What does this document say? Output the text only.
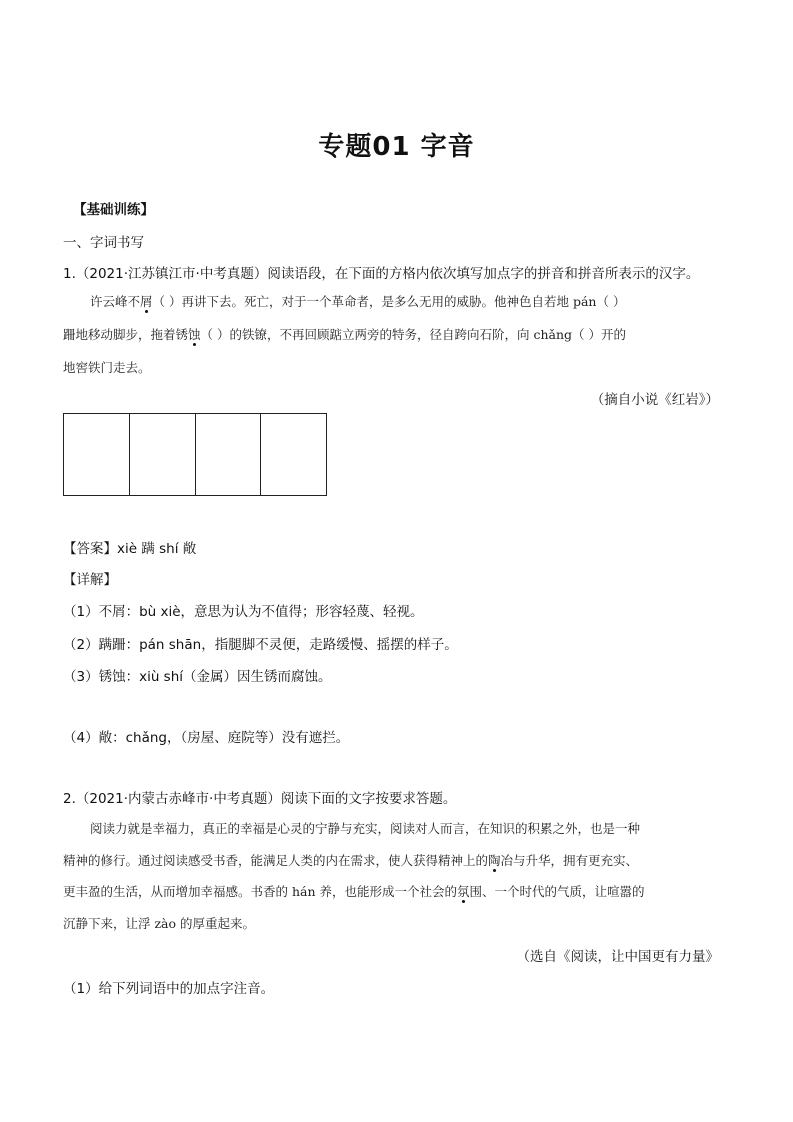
专题01 字音
【基础训练】
一、字词书写
1.（2021·江苏镇江市·中考真题）阅读语段，在下面的方格内依次填写加点字的拼音和拼音所表示的汉字。
许云峰不屑（ ）再讲下去。死亡，对于一个革命者，是多么无用的威胁。他神色自若地 pán（ ）
跚地移动脚步，拖着锈蚀（ ）的铁镣，不再回顾踮立两旁的特务，径自跨向石阶，向 chǎng（ ）开的
地窖铁门走去。
（摘自小说《红岩》）
【答案】xiè 蹒 shí 敞
【详解】
（1）不屑：bù xiè，意思为认为不值得；形容轻蔑、轻视。
（2）蹒跚：pán shān，指腿脚不灵便，走路缓慢、摇摆的样子。
（3）锈蚀：xiù shí（金属）因生锈而腐蚀。
（4）敞：chǎng，（房屋、庭院等）没有遮拦。
2.（2021·内蒙古赤峰市·中考真题）阅读下面的文字按要求答题。
阅读力就是幸福力，真正的幸福是心灵的宁静与充实，阅读对人而言，在知识的积累之外，也是一种
精神的修行。通过阅读感受书香，能满足人类的内在需求，使人获得精神上的陶冶与升华，拥有更充实、
更丰盈的生活，从而增加幸福感。书香的 hán 养，也能形成一个社会的氛围、一个时代的气质，让喧嚣的
沉静下来，让浮 zào 的厚重起来。
（选自《阅读，让中国更有力量》
（1）给下列词语中的加点字注音。
